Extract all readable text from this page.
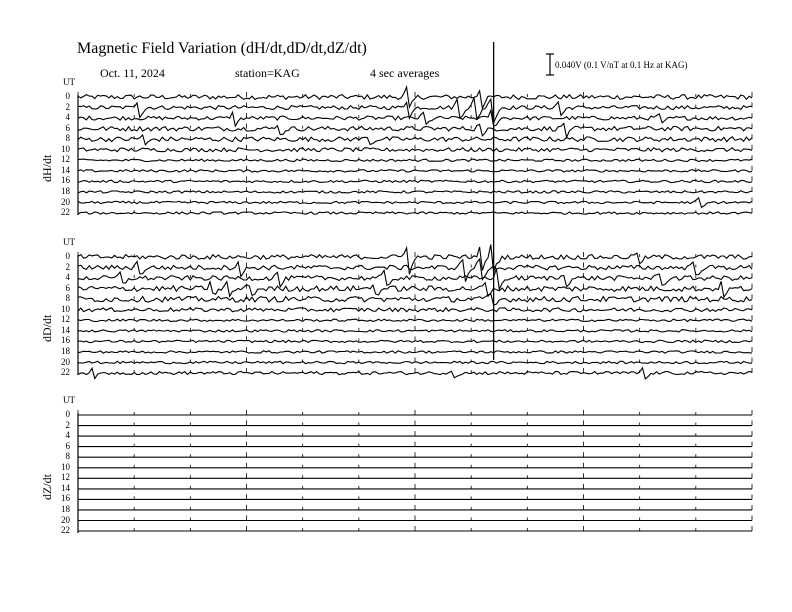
Magnetic Field Variation (dH/dt,dD/dt,dZ/dt)
Oct. 11, 2024	station=KAG	4 sec averages
0.040V (0.1 V/nT at 0.1 Hz at KAG)
UT
dH/dt
0
2
4
6
8
10
12
14
16
18
20
22
UT
dD/dt
0
2
4
6
8
10
12
14
16
18
20
22
UT
dZ/dt
0
2
4
6
8
10
12
14
16
18
20
22
